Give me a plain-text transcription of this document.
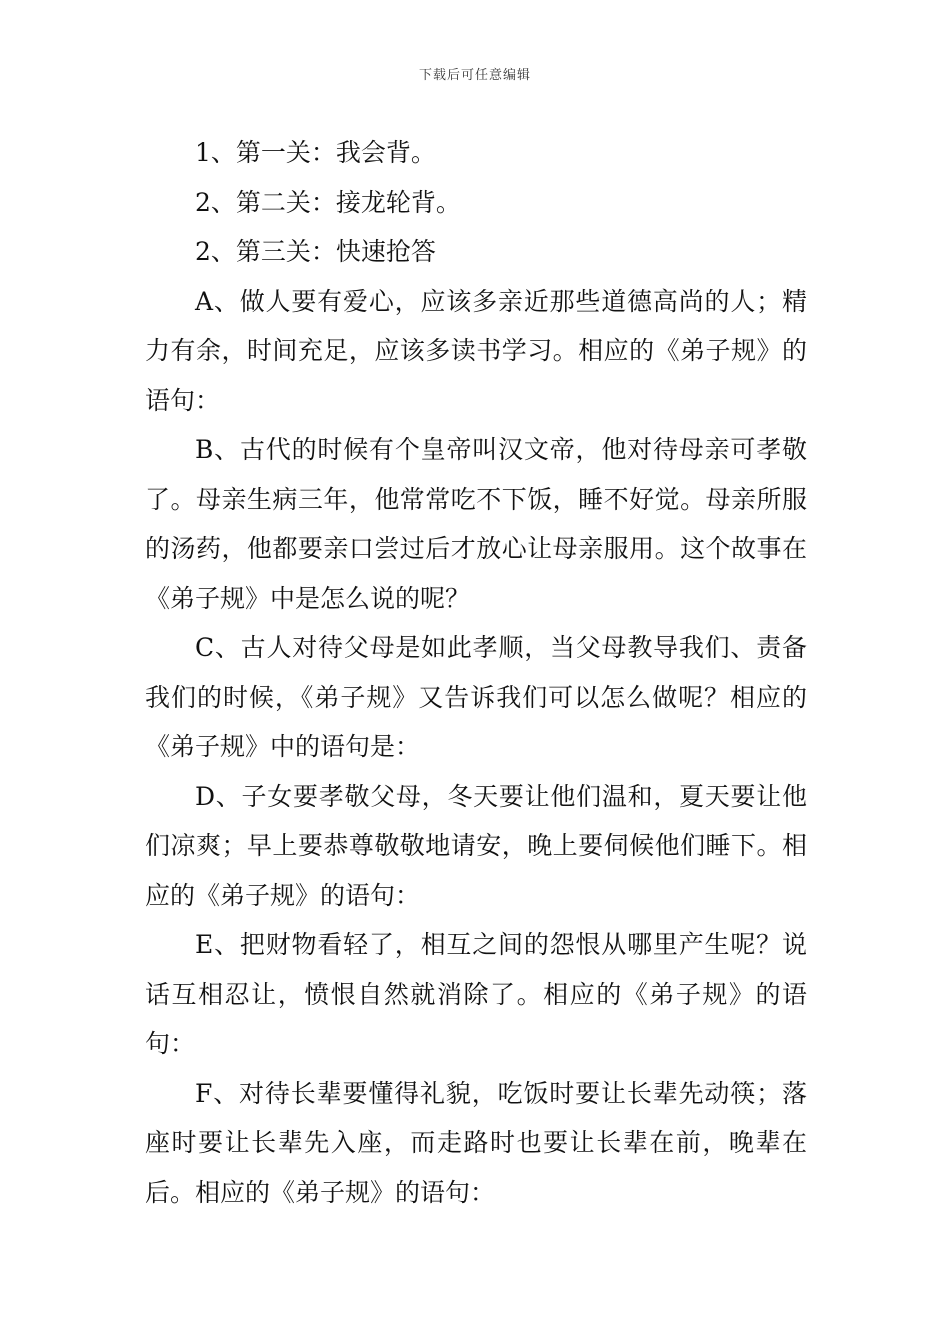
下载后可任意编辑

1、第一关：我会背。

2、第二关：接龙轮背。

2、第三关：快速抢答

A、做人要有爱心，应该多亲近那些道德高尚的人；精力有余，时间充足，应该多读书学习。相应的《弟子规》的语句：

B、古代的时候有个皇帝叫汉文帝，他对待母亲可孝敬了。母亲生病三年，他常常吃不下饭，睡不好觉。母亲所服的汤药，他都要亲口尝过后才放心让母亲服用。这个故事在《弟子规》中是怎么说的呢？

C、古人对待父母是如此孝顺，当父母教导我们、责备我们的时候，《弟子规》又告诉我们可以怎么做呢？相应的《弟子规》中的语句是：

D、子女要孝敬父母，冬天要让他们温和，夏天要让他们凉爽；早上要恭尊敬敬地请安，晚上要伺候他们睡下。相应的《弟子规》的语句：

E、把财物看轻了，相互之间的怨恨从哪里产生呢？说话互相忍让，愤恨自然就消除了。相应的《弟子规》的语句：

F、对待长辈要懂得礼貌，吃饭时要让长辈先动筷；落座时要让长辈先入座，而走路时也要让长辈在前，晚辈在后。相应的《弟子规》的语句：
